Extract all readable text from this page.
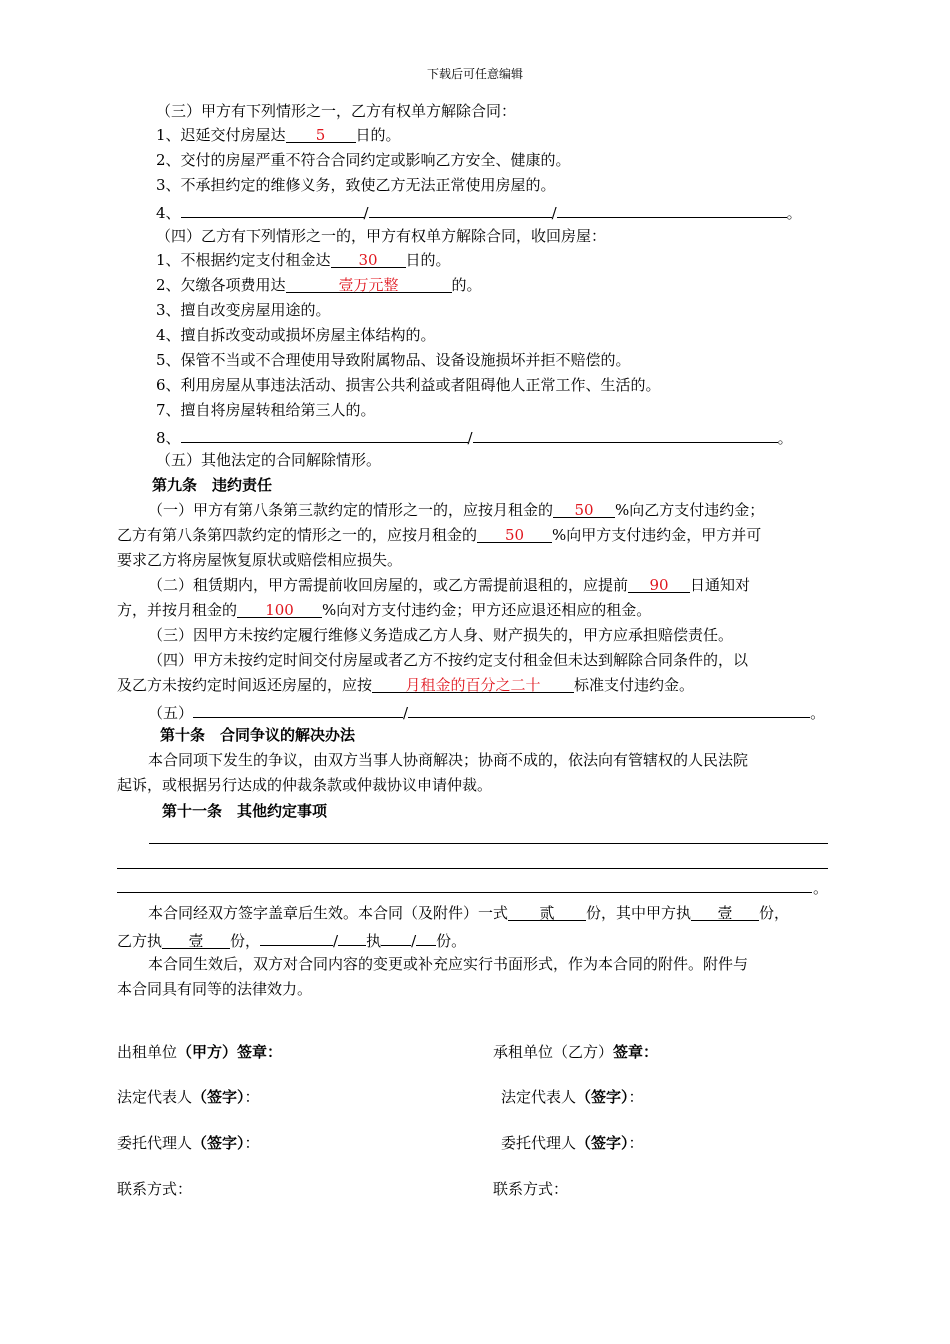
下载后可任意编辑
（三）甲方有下列情形之一，乙方有权单方解除合同：
1、迟延交付房屋达 5 日的。
2、交付的房屋严重不符合合同约定或影响乙方安全、健康的。
3、不承担约定的维修义务，致使乙方无法正常使用房屋的。
4、	/	/	。
（四）乙方有下列情形之一的，甲方有权单方解除合同，收回房屋：
1、不根据约定支付租金达 30 日的。
2、欠缴各项费用达	壹万元整	的。
3、擅自改变房屋用途的。
4、擅自拆改变动或损坏房屋主体结构的。
5、保管不当或不合理使用导致附属物品、设备设施损坏并拒不赔偿的。
6、利用房屋从事违法活动、损害公共利益或者阻碍他人正常工作、生活的。
7、擅自将房屋转租给第三人的。
8、	/	。
（五）其他法定的合同解除情形。
第九条　违约责任
（一）甲方有第八条第三款约定的情形之一的，应按月租金的 50 %向乙方支付违约金；
乙方有第八条第四款约定的情形之一的，应按月租金的 50 %向甲方支付违约金，甲方并可
要求乙方将房屋恢复原状或赔偿相应损失。
（二）租赁期内，甲方需提前收回房屋的，或乙方需提前退租的，应提前 90 日通知对
方，并按月租金的 100 %向对方支付违约金；甲方还应退还相应的租金。
（三）因甲方未按约定履行维修义务造成乙方人身、财产损失的，甲方应承担赔偿责任。
（四）甲方未按约定时间交付房屋或者乙方不按约定支付租金但未达到解除合同条件的，以
及乙方未按约定时间返还房屋的，应按 月租金的百分之二十 标准支付违约金。
（五）	/	。
第十条　合同争议的解决办法
本合同项下发生的争议，由双方当事人协商解决；协商不成的，依法向有管辖权的人民法院
起诉，或根据另行达成的仲裁条款或仲裁协议申请仲裁。
第十一条　其他约定事项
。
本合同经双方签字盖章后生效。本合同（及附件）一式 贰 份，其中甲方执 壹 份，
乙方执 壹 份，	/ 执 / 份。
本合同生效后，双方对合同内容的变更或补充应实行书面形式，作为本合同的附件。附件与
本合同具有同等的法律效力。
出租单位（甲方）签章：	承租单位（乙方）签章：
法定代表人（签字）：	法定代表人（签字）：
委托代理人（签字）：	委托代理人（签字）：
联系方式：	联系方式：
